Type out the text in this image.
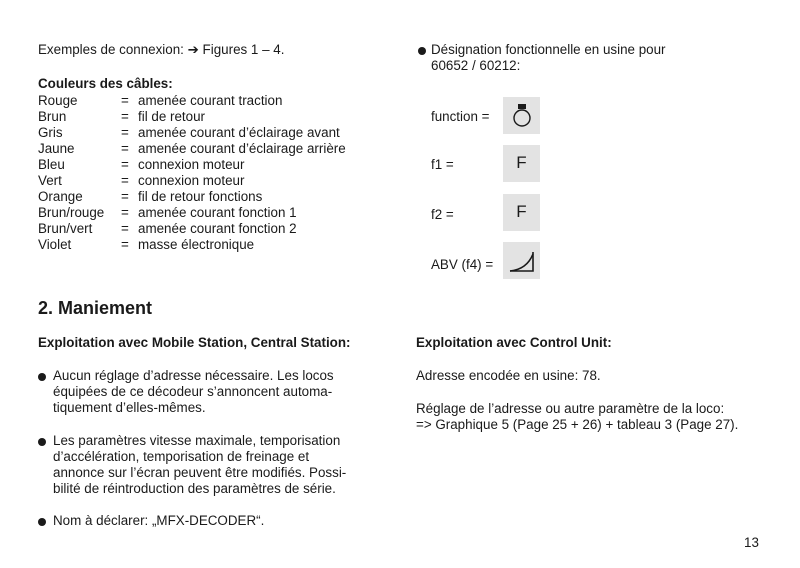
Exemples de connexion: ➔ Figures 1 – 4.
Couleurs des câbles:
Rouge	= amenée courant traction
Brun	= fil de retour
Gris	= amenée courant d’éclairage avant
Jaune	= amenée courant d’éclairage arrière
Bleu	= connexion moteur
Vert	= connexion moteur
Orange	= fil de retour fonctions
Brun/rouge = amenée courant fonction 1
Brun/vert = amenée courant fonction 2
Violet	= masse électronique
Désignation fonctionnelle en usine pour
60652 / 60212:
function =
f1 =	F
f2 =	F
ABV (f4) =
2. Maniement
Exploitation avec Mobile Station, Central Station:
Aucun réglage d’adresse nécessaire. Les locos
équipées de ce décodeur s’annoncent automa-
tiquement d’elles-mêmes.
Les paramètres vitesse maximale, temporisation
d’accélération, temporisation de freinage et
annonce sur l’écran peuvent être modifiés. Possi-
bilité de réintroduction des paramètres de série.
Nom à déclarer: „MFX-DECODER“.
Exploitation avec Control Unit:
Adresse encodée en usine: 78.
Réglage de l’adresse ou autre paramètre de la loco:
=> Graphique 5 (Page 25 + 26) + tableau 3 (Page 27).
13
